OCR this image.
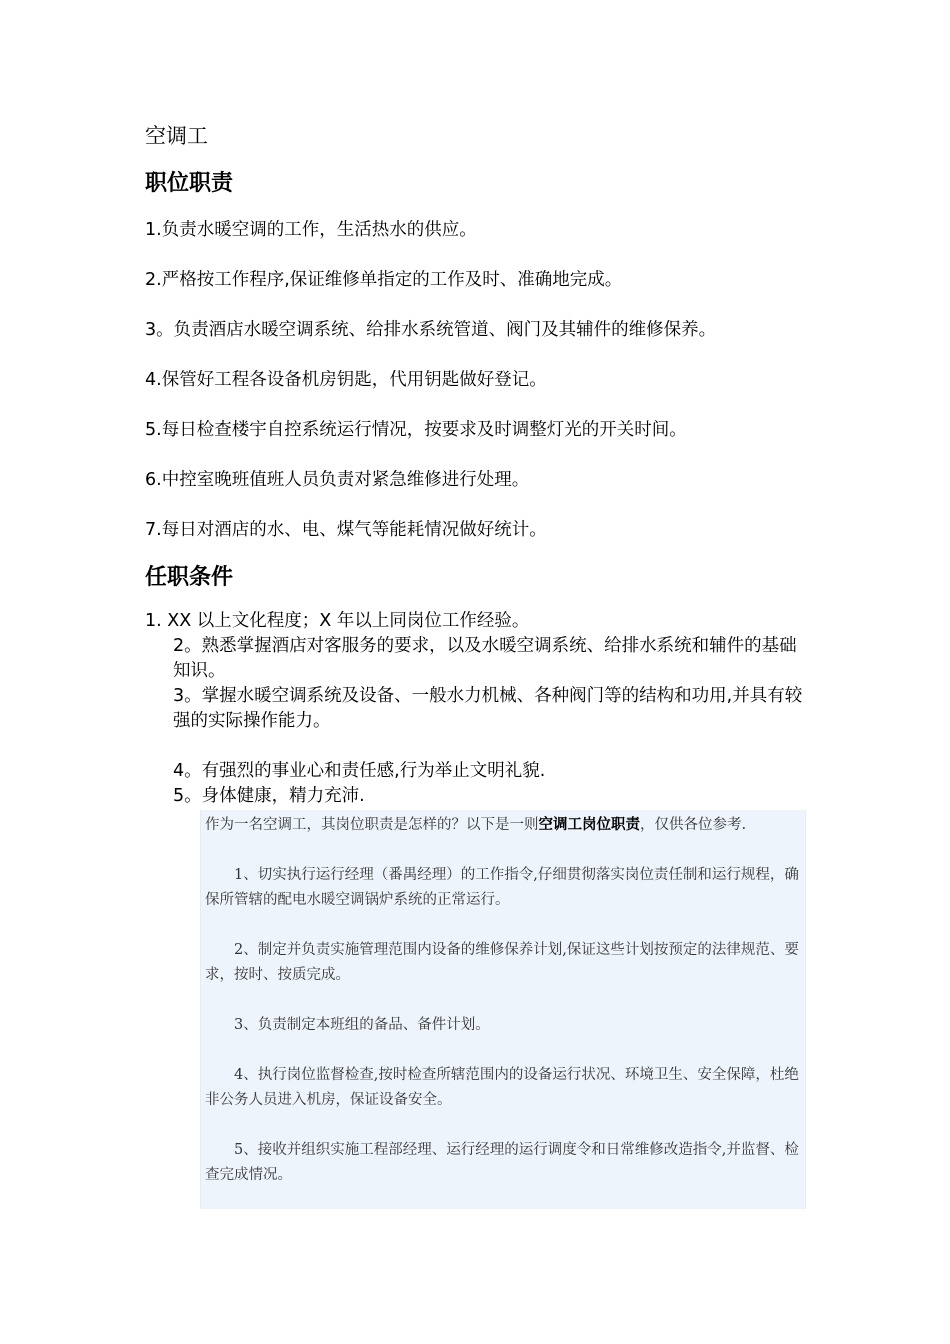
空调工
职位职责
1.负责水暖空调的工作，生活热水的供应。
2.严格按工作程序,保证维修单指定的工作及时、准确地完成。
3。负责酒店水暖空调系统、给排水系统管道、阀门及其辅件的维修保养。
4.保管好工程各设备机房钥匙，代用钥匙做好登记。
5.每日检查楼宇自控系统运行情况，按要求及时调整灯光的开关时间。
6.中控室晚班值班人员负责对紧急维修进行处理。
7.每日对酒店的水、电、煤气等能耗情况做好统计。
任职条件
1. XX 以上文化程度；X 年以上同岗位工作经验。
2。熟悉掌握酒店对客服务的要求，以及水暖空调系统、给排水系统和辅件的基础知识。
3。掌握水暖空调系统及设备、一般水力机械、各种阀门等的结构和功用,并具有较强的实际操作能力。
4。有强烈的事业心和责任感,行为举止文明礼貌.
5。身体健康，精力充沛.

作为一名空调工，其岗位职责是怎样的？以下是一则空调工岗位职责，仅供各位参考.

1、切实执行运行经理（番禺经理）的工作指令,仔细贯彻落实岗位责任制和运行规程，确保所管辖的配电水暖空调锅炉系统的正常运行。

2、制定并负责实施管理范围内设备的维修保养计划,保证这些计划按预定的法律规范、要求，按时、按质完成。

3、负责制定本班组的备品、备件计划。

4、执行岗位监督检查,按时检查所辖范围内的设备运行状况、环境卫生、安全保障，杜绝非公务人员进入机房，保证设备安全。

5、接收并组织实施工程部经理、运行经理的运行调度令和日常维修改造指令,并监督、检查完成情况。
